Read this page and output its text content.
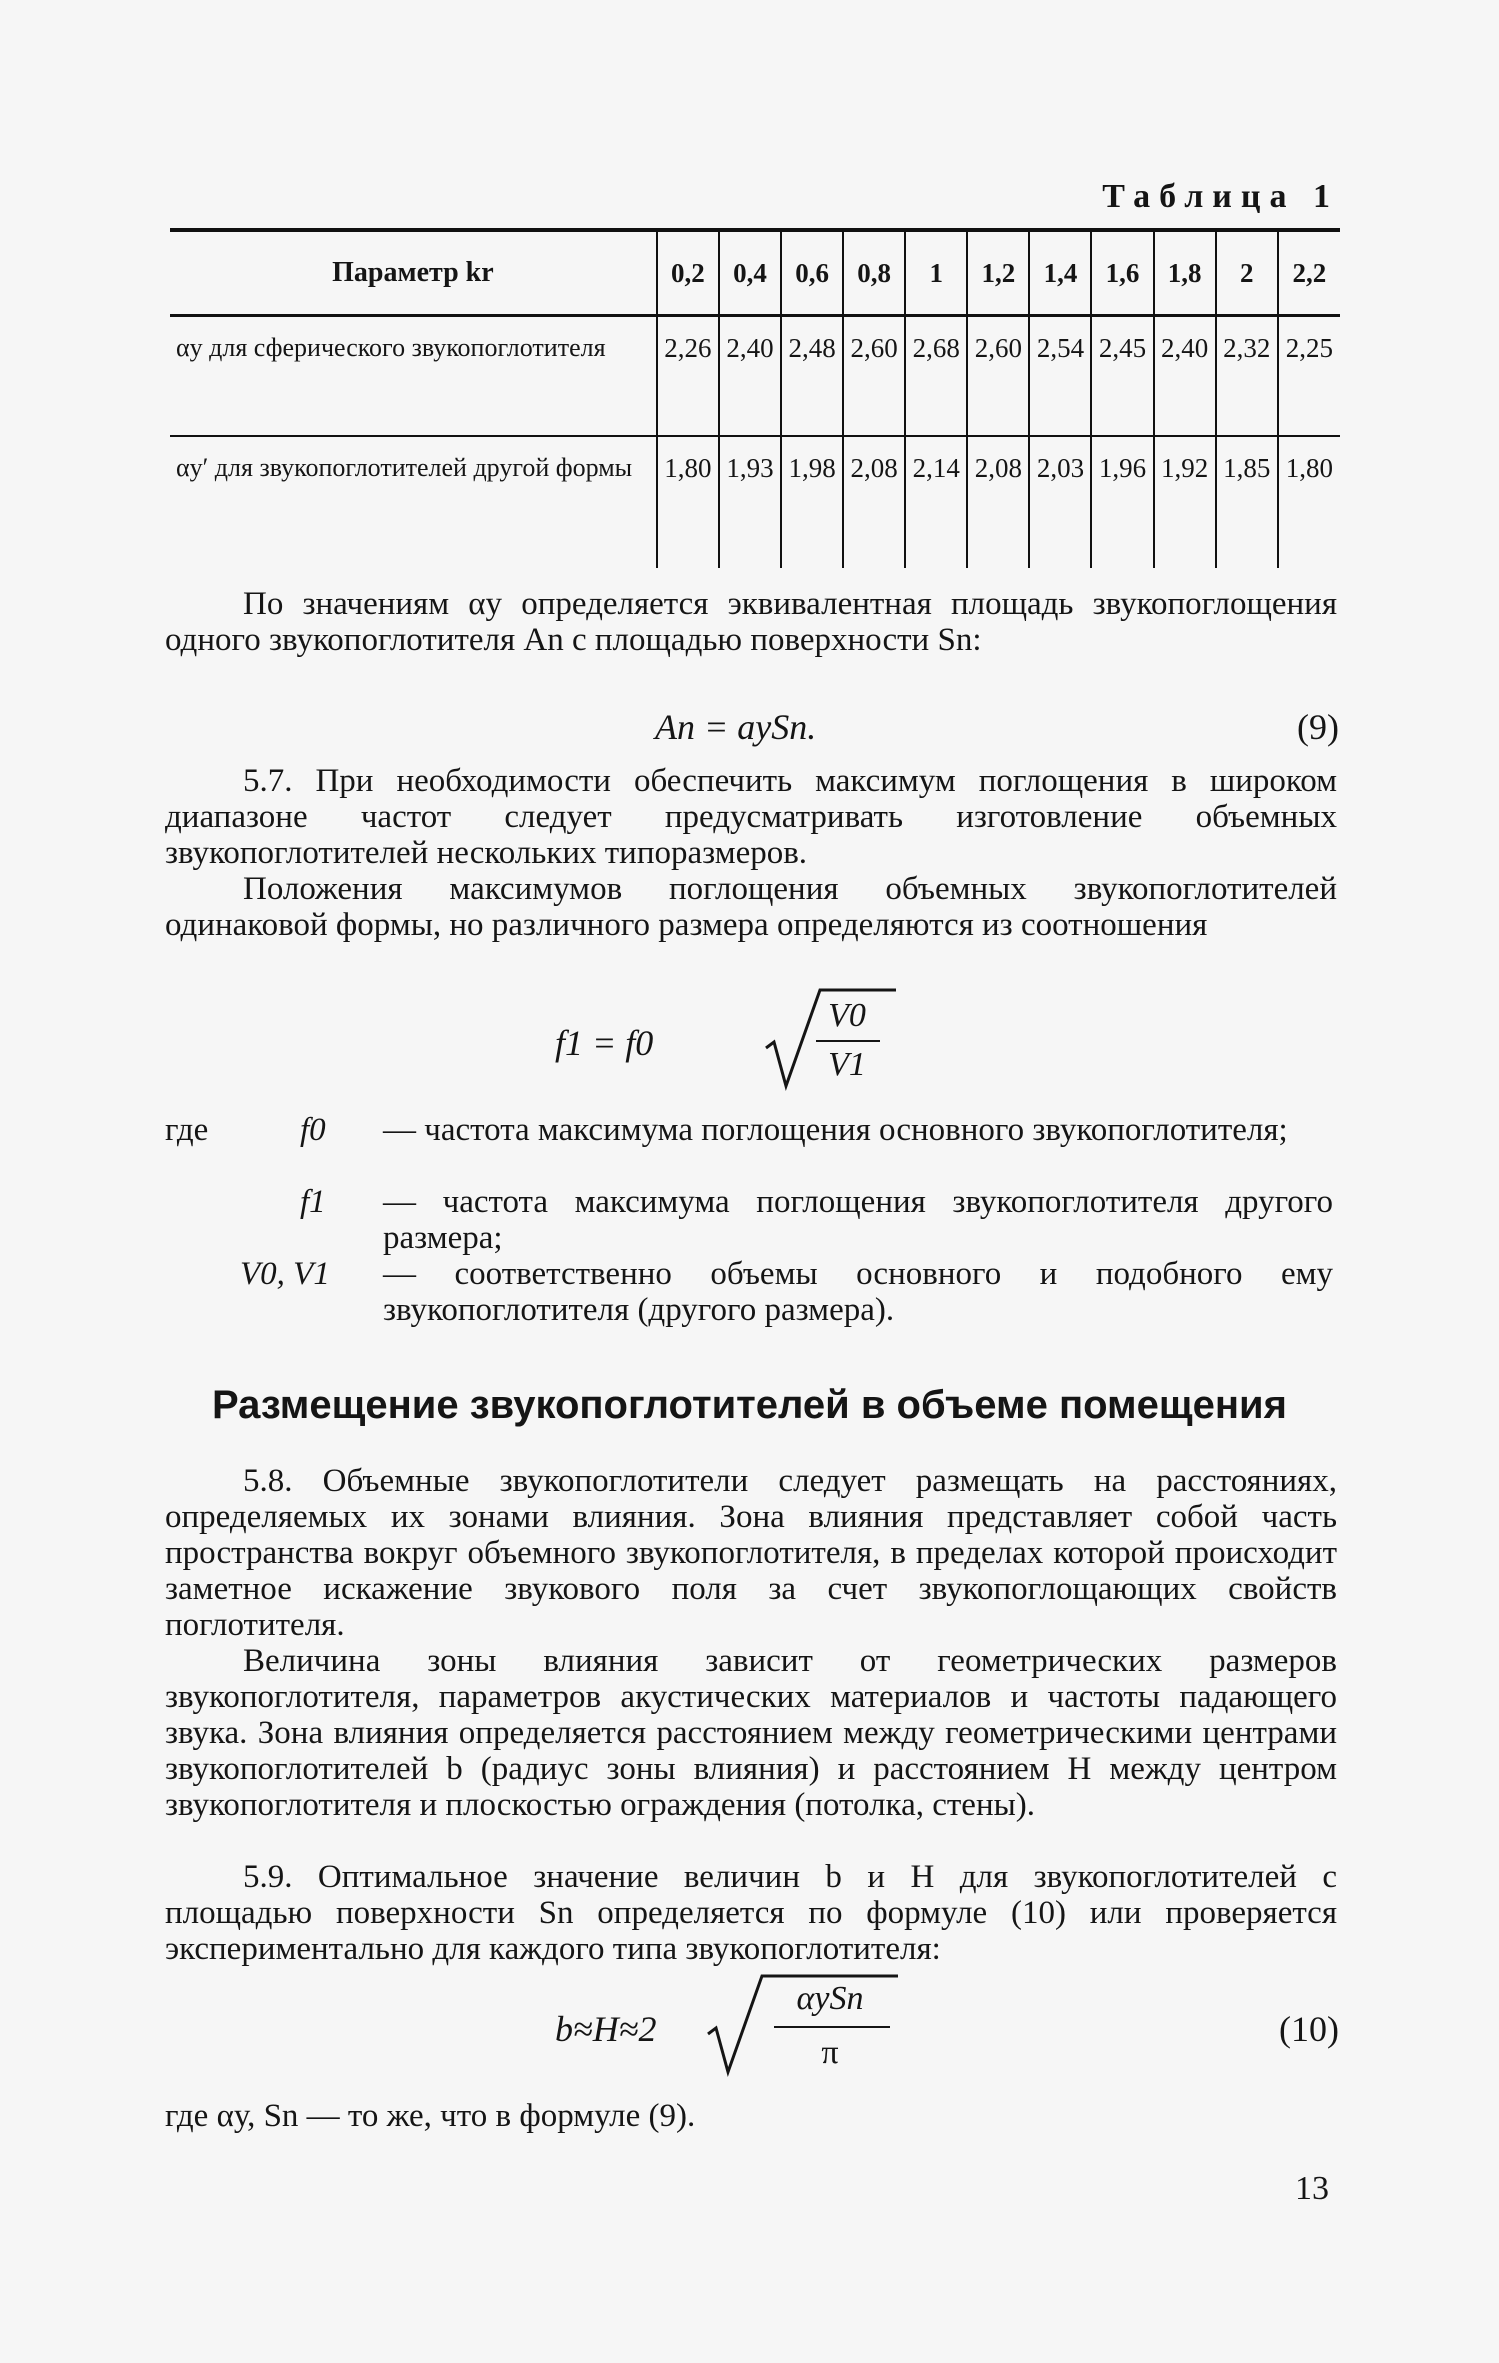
Таблица 1
Параметр kr	0,2	0,4	0,6	0,8	1	1,2	1,4	1,6	1,8	2	2,2

αу для сферического звукопоглотителя	2,26	2,40	2,48	2,60	2,68	2,60	2,54	2,45	2,40	2,32	2,25

αу′ для звукопоглотителей другой формы	1,80	1,93	1,98	2,08	2,14	2,08	2,03	1,96	1,92	1,85	1,80
По значениям αу определяется эквивалентная площадь звукопоглощения одного звукопоглотителя Аn с площадью поверхности Sn:
An = aуSn.	(9)
5.7. При необходимости обеспечить максимум поглощения в широком диапазоне частот следует предусматривать изготовление объемных звукопоглотителей нескольких типоразмеров.
Положения максимумов поглощения объемных звукопоглотителей одинаковой формы, но различного размера определяются из соотношения
f1 = f0
V0
V1
где	f0 — частота максимума поглощения основного звукопоглотителя;
f1 — частота максимума поглощения звукопоглотителя другого размера;
V0, V1 — соответственно объемы основного и подобного ему звукопоглотителя (другого размера).
Размещение звукопоглотителей в объеме помещения
5.8. Объемные звукопоглотители следует размещать на расстояниях, определяемых их зонами влияния. Зона влияния представляет собой часть пространства вокруг объемного звукопоглотителя, в пределах которой происходит заметное искажение звукового поля за счет звукопоглощающих свойств поглотителя.
Величина зоны влияния зависит от геометрических размеров звукопоглотителя, параметров акустических материалов и частоты падающего звука. Зона влияния определяется расстоянием между геометрическими центрами звукопоглотителей b (радиус зоны влияния) и расстоянием H между центром звукопоглотителя и плоскостью ограждения (потолка, стены).
5.9. Оптимальное значение величин b и H для звукопоглотителей с площадью поверхности Sn определяется по формуле (10) или проверяется экспериментально для каждого типа звукопоглотителя:
b≈H≈2
αуSn
π
(10)
где αу, Sn — то же, что в формуле (9).
13
